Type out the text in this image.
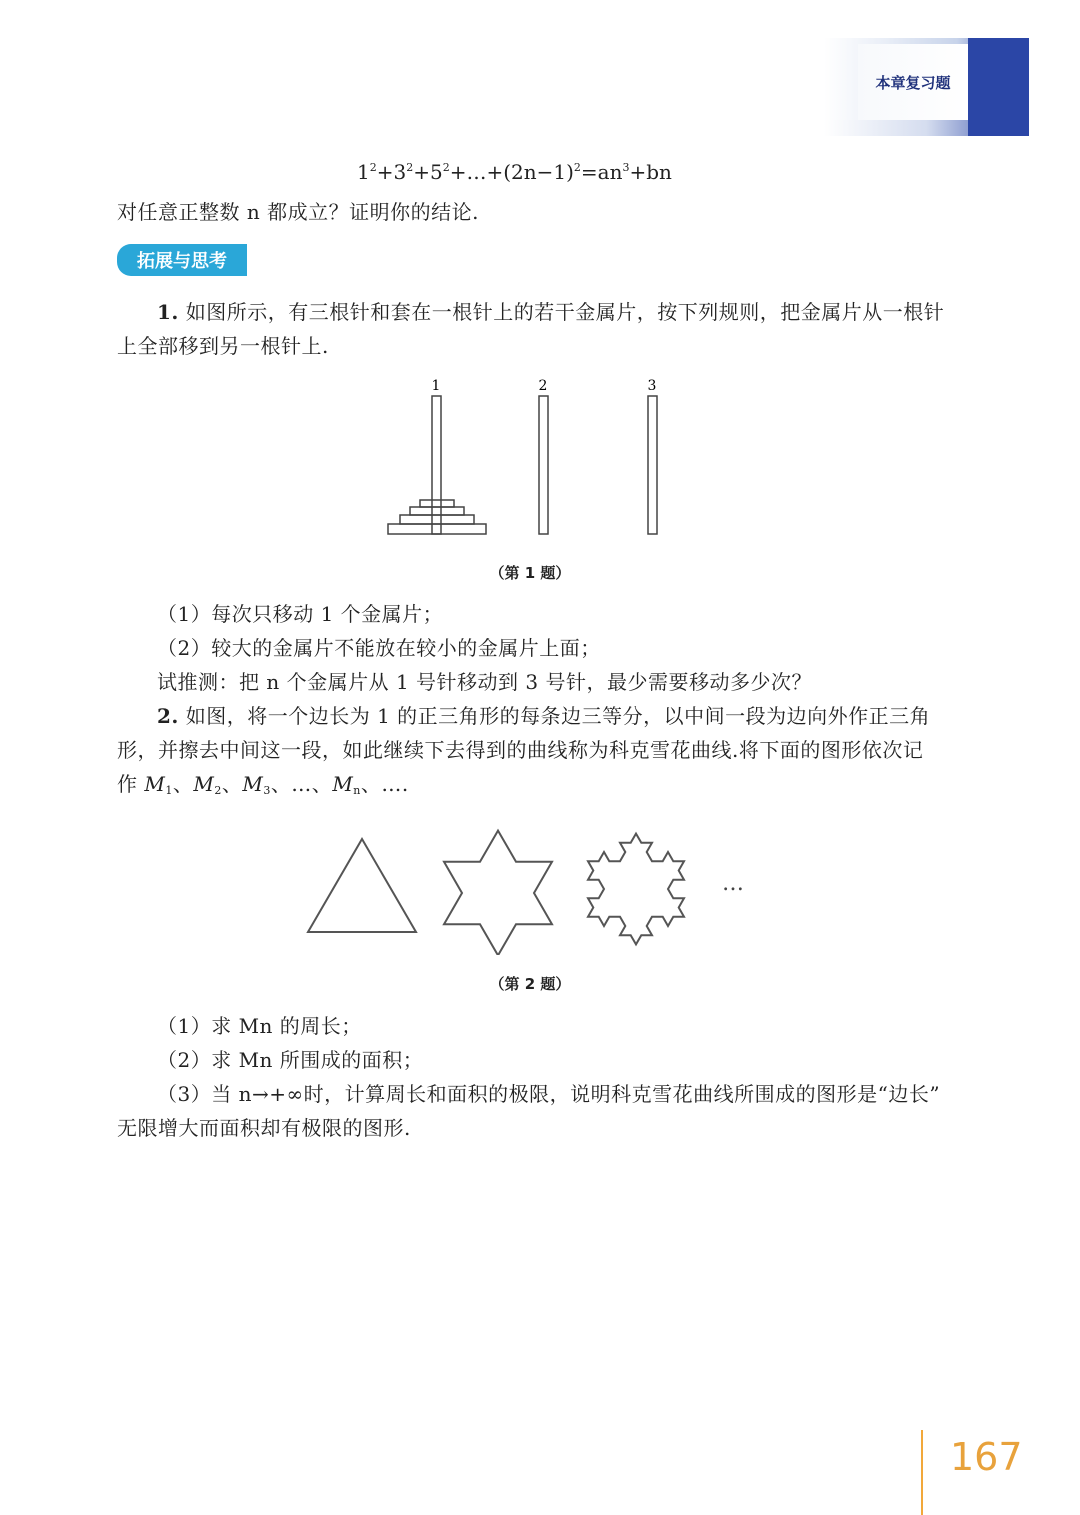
本章复习题
$1^2+3^2+5^2+\dots+(2n-1)^2=an^3+bn$
对任意正整数 n 都成立？证明你的结论.
拓展与思考
1. 如图所示，有三根针和套在一根针上的若干金属片，按下列规则，把金属片从一根针
上全部移到另一根针上.
1	2	3
（第 1 题）
（1）每次只移动 1 个金属片；
（2）较大的金属片不能放在较小的金属片上面；
试推测：把 n 个金属片从 1 号针移动到 3 号针，最少需要移动多少次？
2. 如图，将一个边长为 1 的正三角形的每条边三等分，以中间一段为边向外作正三角
形，并擦去中间这一段，如此继续下去得到的曲线称为科克雪花曲线.将下面的图形依次记
作 $M_1$、$M_2$、$M_3$、…、$M_n$、….
…
（第 2 题）
（1）求 Mn 的周长；
（2）求 Mn 所围成的面积；
（3）当 n→+∞时，计算周长和面积的极限，说明科克雪花曲线所围成的图形是“边长”
无限增大而面积却有极限的图形.
167
